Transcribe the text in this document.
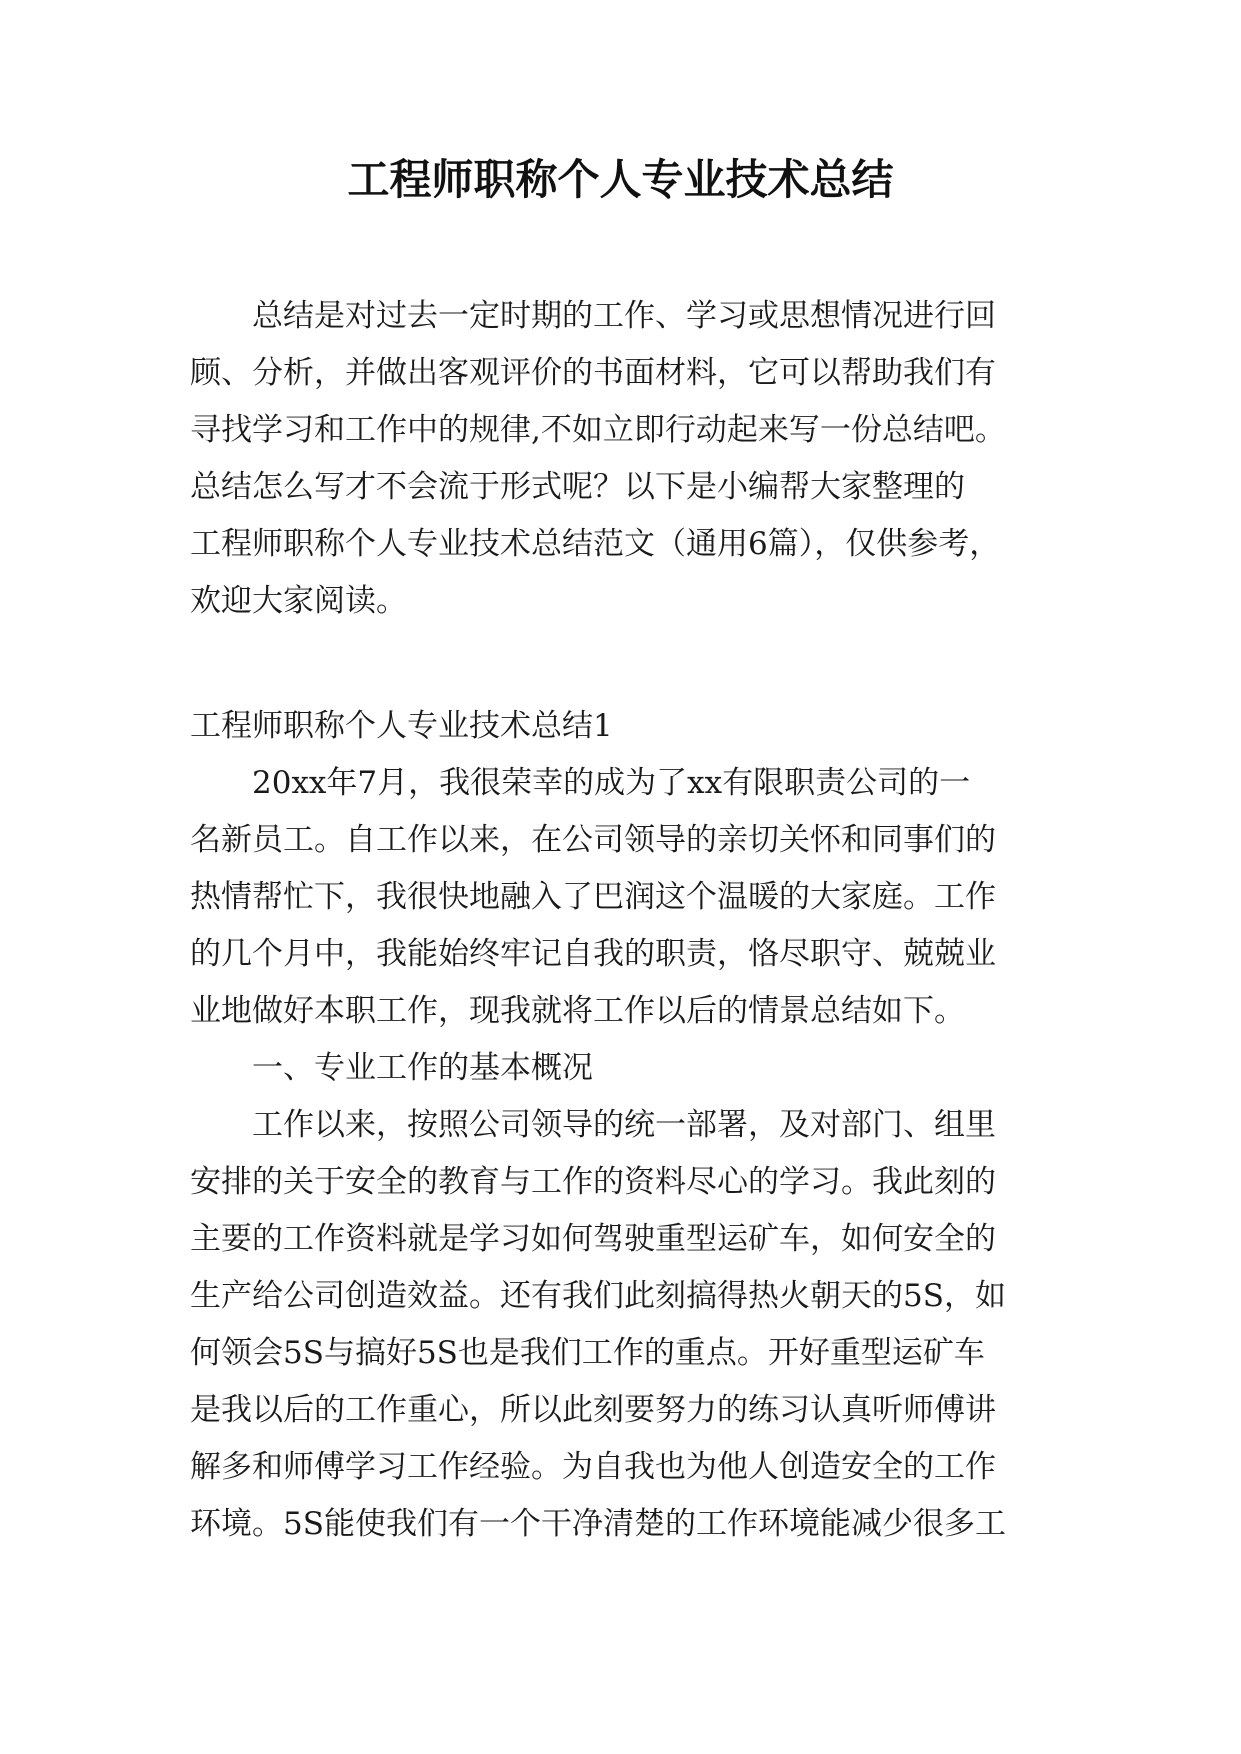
工程师职称个人专业技术总结
　　总结是对过去一定时期的工作、学习或思想情况进行回
顾、分析，并做出客观评价的书面材料，它可以帮助我们有
寻找学习和工作中的规律,不如立即行动起来写一份总结吧。
总结怎么写才不会流于形式呢？以下是小编帮大家整理的
工程师职称个人专业技术总结范文（通用6篇），仅供参考，
欢迎大家阅读。
工程师职称个人专业技术总结1
　　20xx年7月，我很荣幸的成为了xx有限职责公司的一
名新员工。自工作以来，在公司领导的亲切关怀和同事们的
热情帮忙下，我很快地融入了巴润这个温暖的大家庭。工作
的几个月中，我能始终牢记自我的职责，恪尽职守、兢兢业
业地做好本职工作，现我就将工作以后的情景总结如下。
　　一、专业工作的基本概况
　　工作以来，按照公司领导的统一部署，及对部门、组里
安排的关于安全的教育与工作的资料尽心的学习。我此刻的
主要的工作资料就是学习如何驾驶重型运矿车，如何安全的
生产给公司创造效益。还有我们此刻搞得热火朝天的5S，如
何领会5S与搞好5S也是我们工作的重点。开好重型运矿车
是我以后的工作重心，所以此刻要努力的练习认真听师傅讲
解多和师傅学习工作经验。为自我也为他人创造安全的工作
环境。5S能使我们有一个干净清楚的工作环境能减少很多工
